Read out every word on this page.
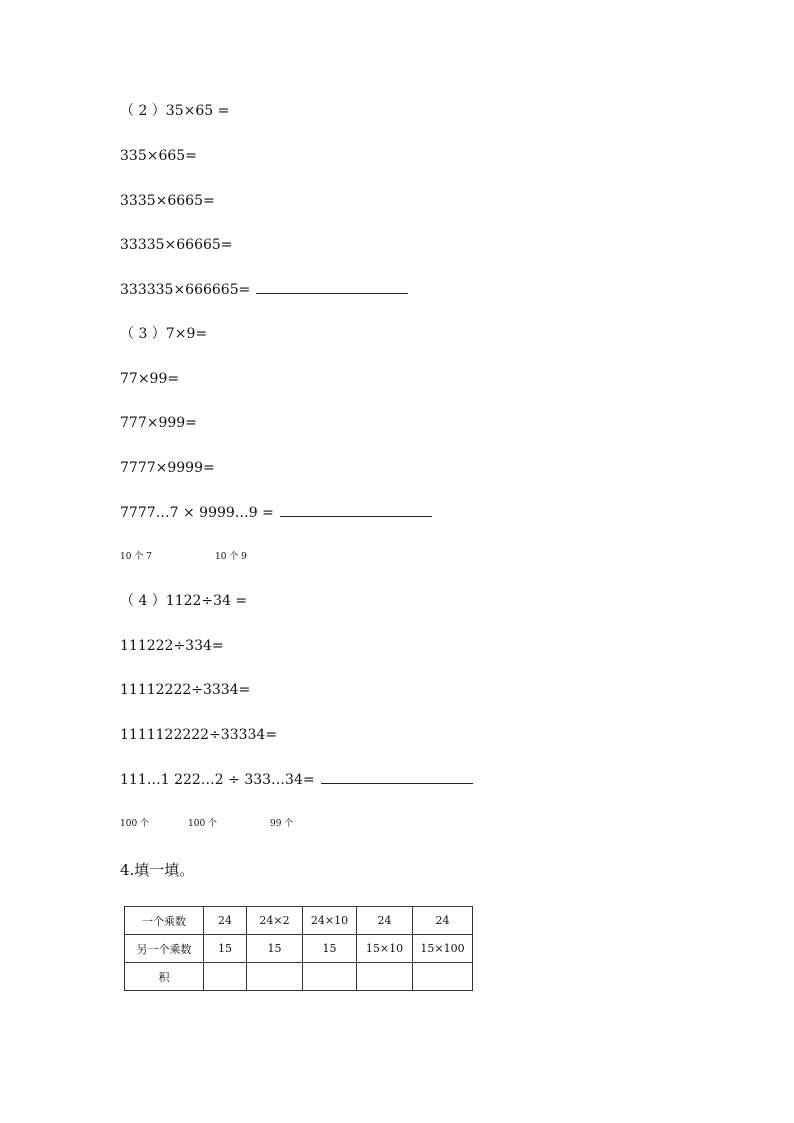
（ 2 ）35×65 =
335×665=
3335×6665=
33335×66665=
333335×666665=
（ 3 ）7×9=
77×99=
777×999=
7777×9999=
7777…7 × 9999…9 =
10 个 7	10 个 9
（ 4 ）1122÷34 =
111222÷334=
11112222÷3334=
1111122222÷33334=
111…1 222…2 ÷ 333…34=
100 个	100 个	99 个
4.填一填。
一个乘数	24	24×2	24×10	24	24
另一个乘数	15	15	15	15×10	15×100
积					
